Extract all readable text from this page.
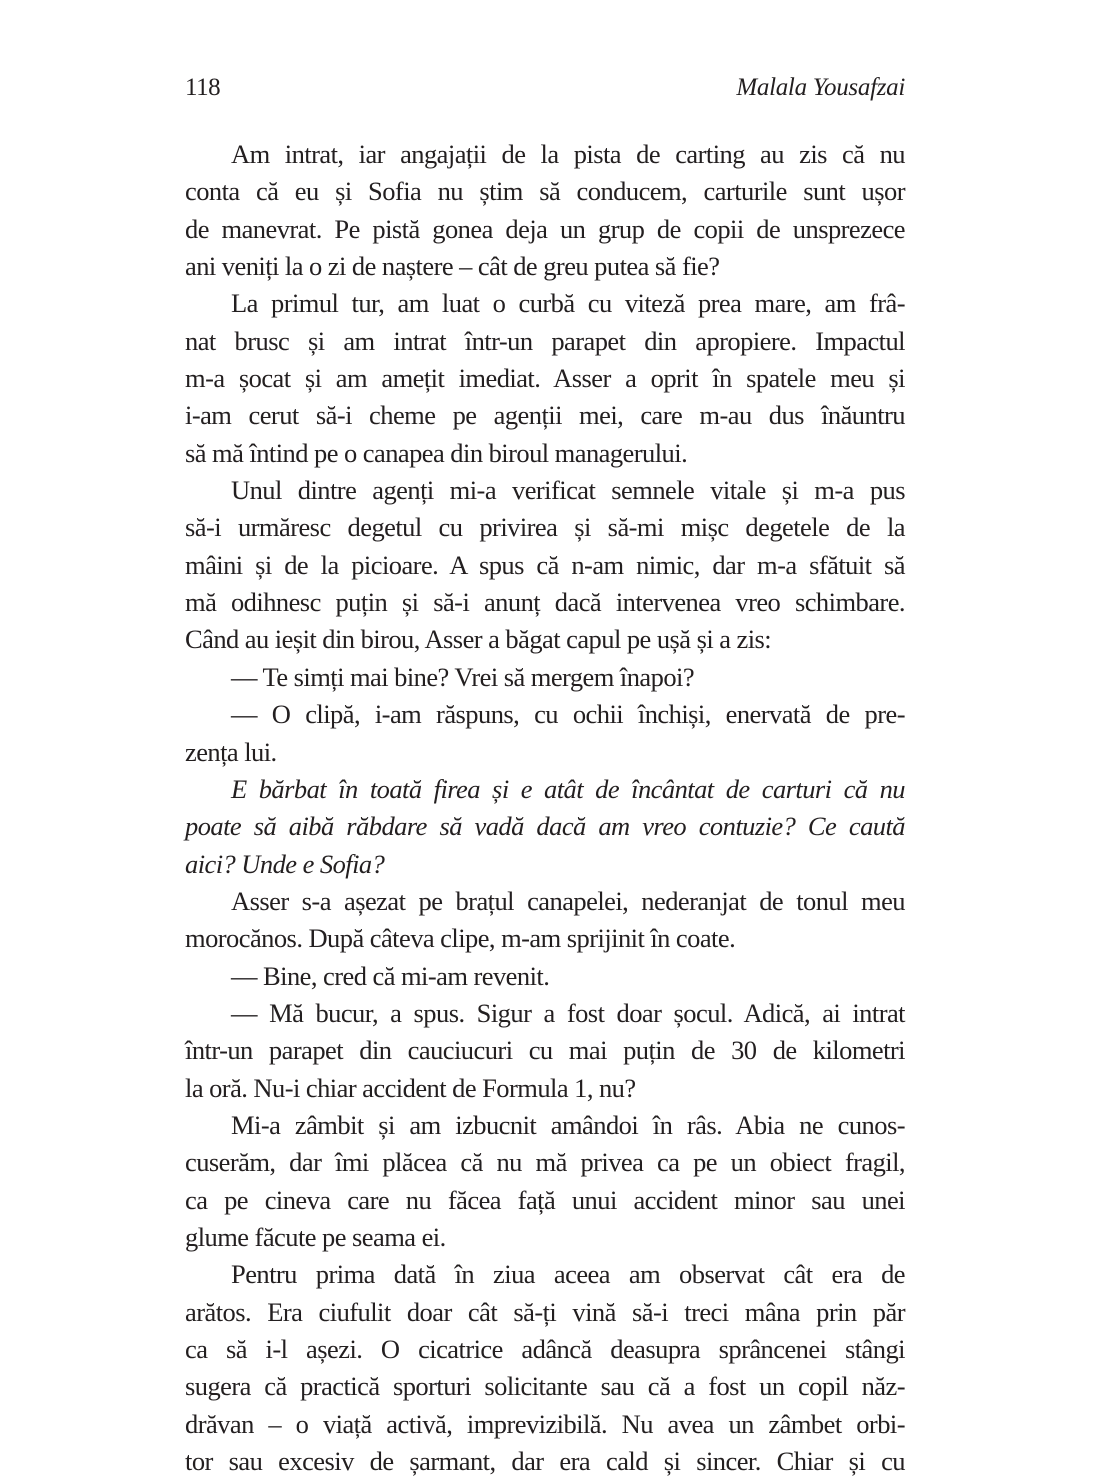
118	Malala Yousafzai
Am intrat, iar angajații de la pista de carting au zis că nu
conta că eu și Sofia nu știm să conducem, carturile sunt ușor
de manevrat. Pe pistă gonea deja un grup de copii de unsprezece
ani veniți la o zi de naștere – cât de greu putea să fie?
La primul tur, am luat o curbă cu viteză prea mare, am frâ-
nat brusc și am intrat într-un parapet din apropiere. Impactul
m-a șocat și am amețit imediat. Asser a oprit în spatele meu și
i-am cerut să-i cheme pe agenții mei, care m-au dus înăuntru
să mă întind pe o canapea din biroul managerului.
Unul dintre agenți mi-a verificat semnele vitale și m-a pus
să-i urmăresc degetul cu privirea și să-mi mișc degetele de la
mâini și de la picioare. A spus că n-am nimic, dar m-a sfătuit să
mă odihnesc puțin și să-i anunț dacă intervenea vreo schimbare.
Când au ieșit din birou, Asser a băgat capul pe ușă și a zis:
— Te simți mai bine? Vrei să mergem înapoi?
— O clipă, i-am răspuns, cu ochii închiși, enervată de pre-
zența lui.
E bărbat în toată firea și e atât de încântat de carturi că nu
poate să aibă răbdare să vadă dacă am vreo contuzie? Ce caută
aici? Unde e Sofia?
Asser s-a așezat pe brațul canapelei, nederanjat de tonul meu
morocănos. După câteva clipe, m-am sprijinit în coate.
— Bine, cred că mi-am revenit.
— Mă bucur, a spus. Sigur a fost doar șocul. Adică, ai intrat
într-un parapet din cauciucuri cu mai puțin de 30 de kilometri
la oră. Nu-i chiar accident de Formula 1, nu?
Mi-a zâmbit și am izbucnit amândoi în râs. Abia ne cunos-
cuserăm, dar îmi plăcea că nu mă privea ca pe un obiect fragil,
ca pe cineva care nu făcea față unui accident minor sau unei
glume făcute pe seama ei.
Pentru prima dată în ziua aceea am observat cât era de
arătos. Era ciufulit doar cât să-ți vină să-i treci mâna prin păr
ca să i-l așezi. O cicatrice adâncă deasupra sprâncenei stângi
sugera că practică sporturi solicitante sau că a fost un copil năz-
drăvan – o viață activă, imprevizibilă. Nu avea un zâmbet orbi-
tor sau excesiv de șarmant, dar era cald și sincer. Chiar și cu
